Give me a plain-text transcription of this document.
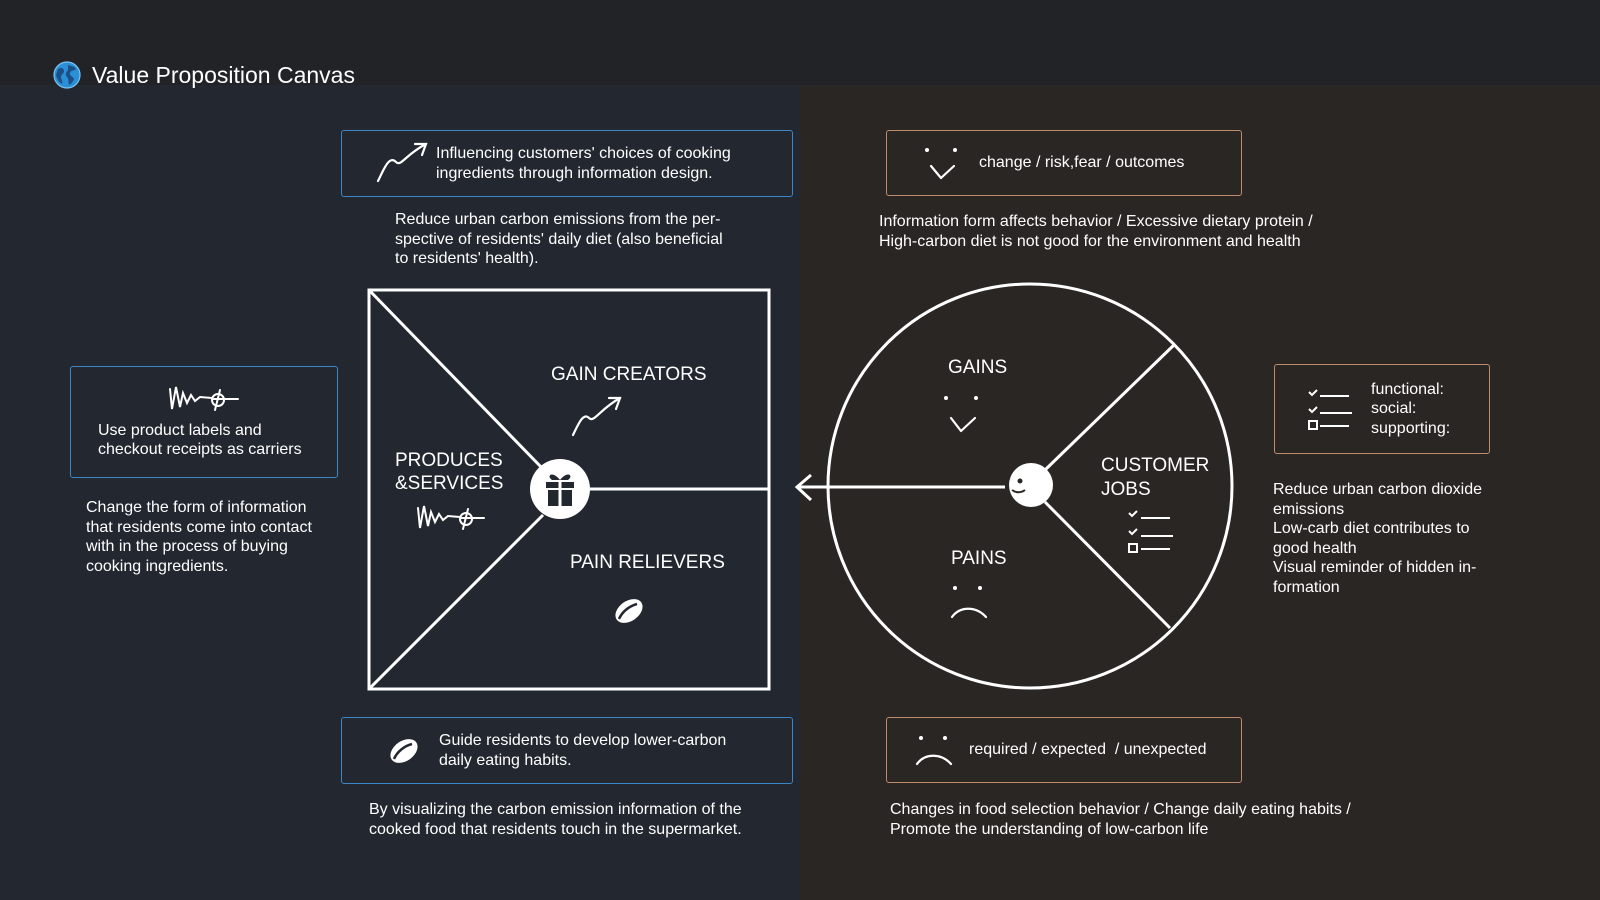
Value Proposition Canvas
GAIN CREATORS
PRODUCES
&SERVICES
PAIN RELIEVERS
GAINS
CUSTOMER
JOBS
PAINS
Influencing customers' choices of cooking
ingredients through information design.
Reduce urban carbon emissions from the per-
spective of residents' daily diet (also beneficial
to residents' health).
Use product labels and
checkout receipts as carriers
Change the form of information
that residents come into contact
with in the process of buying
cooking ingredients.
Guide residents to develop lower-carbon
daily eating habits.
By visualizing the carbon emission information of the
cooked food that residents touch in the supermarket.
change / risk,fear / outcomes
Information form affects behavior / Excessive dietary protein /
High-carbon diet is not good for the environment and health
functional:
social:
supporting:
Reduce urban carbon dioxide
emissions
Low-carb diet contributes to
good health
Visual reminder of hidden in-
formation
required / expected  / unexpected
Changes in food selection behavior / Change daily eating habits /
Promote the understanding of low-carbon life
